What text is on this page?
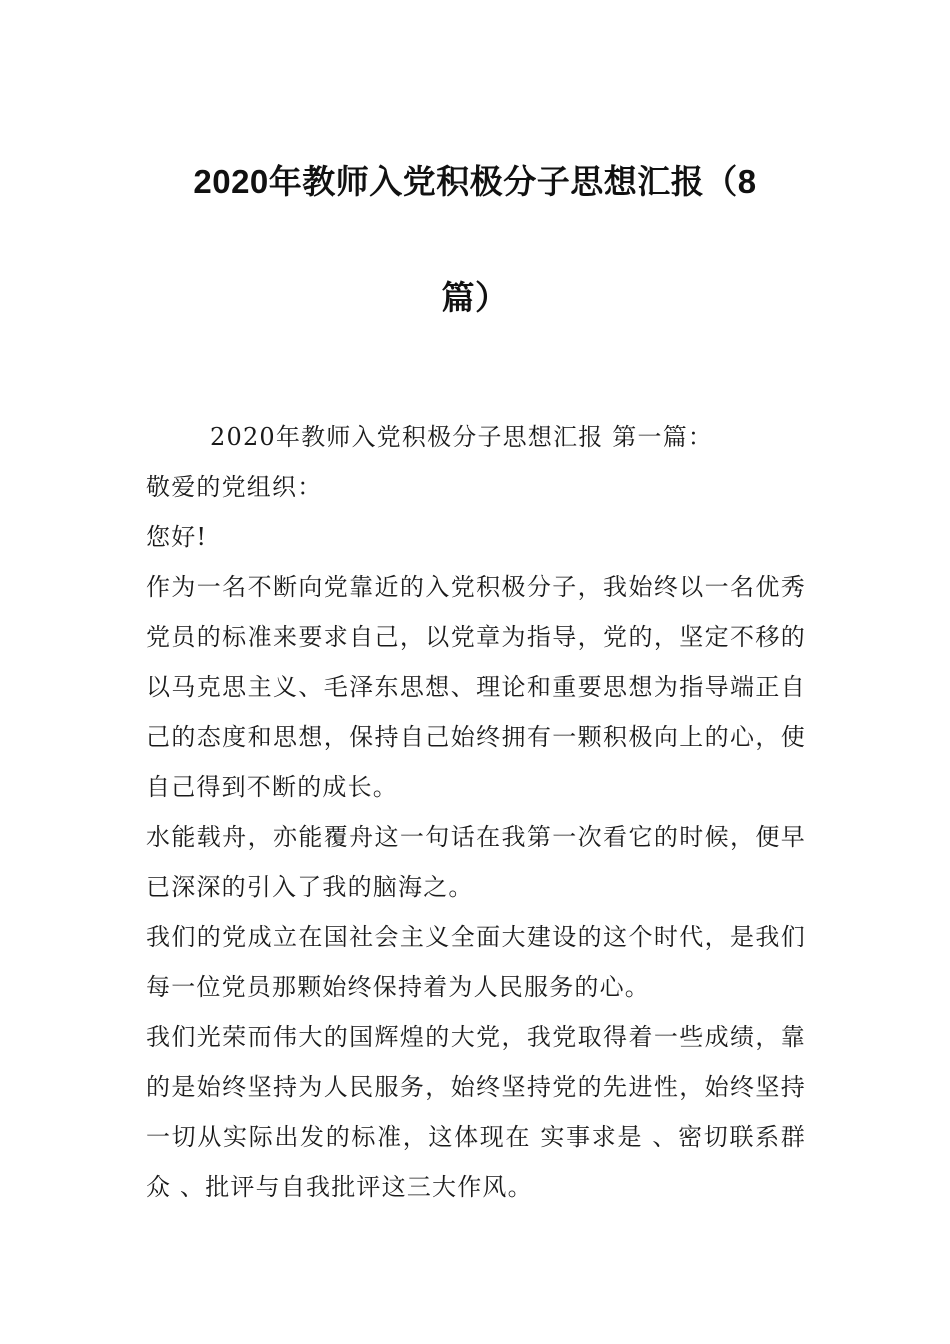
2020年教师入党积极分子思想汇报（8
篇）

2020年教师入党积极分子思想汇报 第一篇：

敬爱的党组织：

您好!

作为一名不断向党靠近的入党积极分子，我始终以一名优秀党员的标准来要求自己，以党章为指导，党的，坚定不移的以马克思主义、毛泽东思想、理论和重要思想为指导端正自己的态度和思想，保持自己始终拥有一颗积极向上的心，使自己得到不断的成长。

水能载舟，亦能覆舟这一句话在我第一次看它的时候，便早已深深的引入了我的脑海之。

我们的党成立在国社会主义全面大建设的这个时代，是我们每一位党员那颗始终保持着为人民服务的心。

我们光荣而伟大的国辉煌的大党，我党取得着一些成绩，靠的是始终坚持为人民服务，始终坚持党的先进性，始终坚持一切从实际出发的标准，这体现在 实事求是 、密切联系群众 、批评与自我批评这三大作风。
